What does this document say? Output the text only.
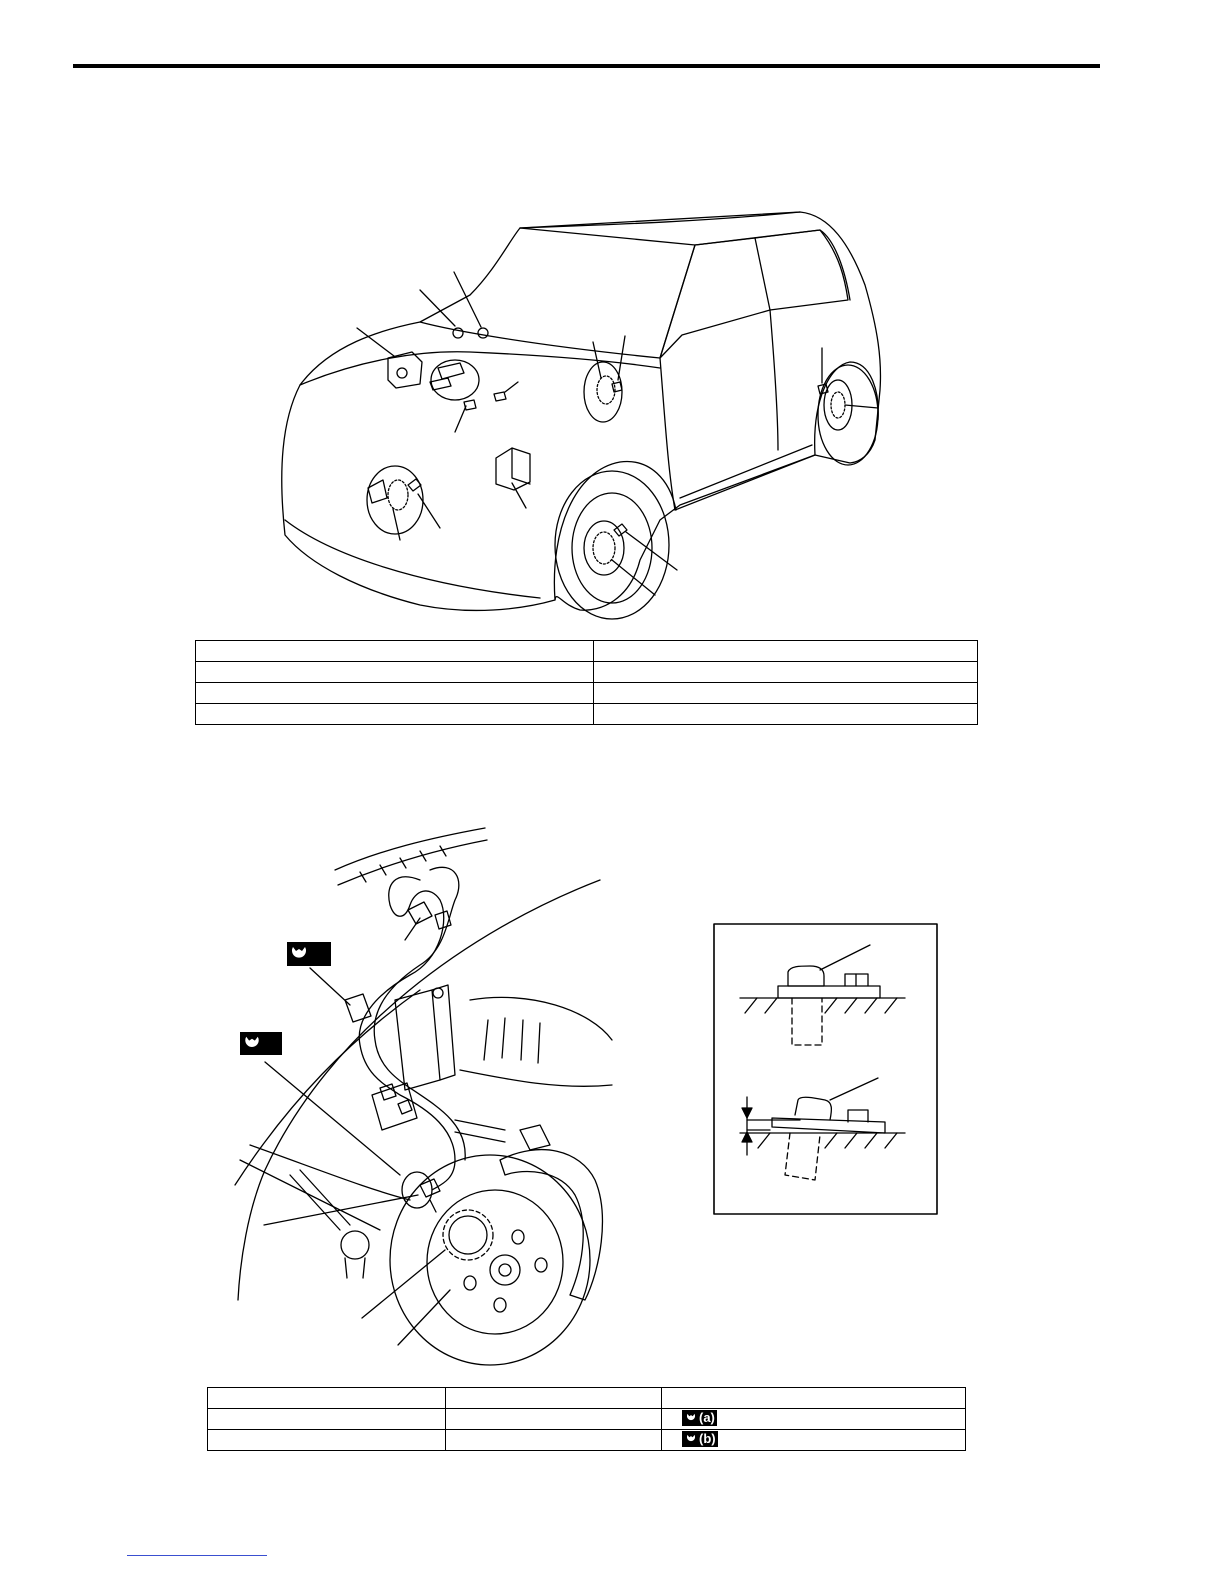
		(a)

		(b)
